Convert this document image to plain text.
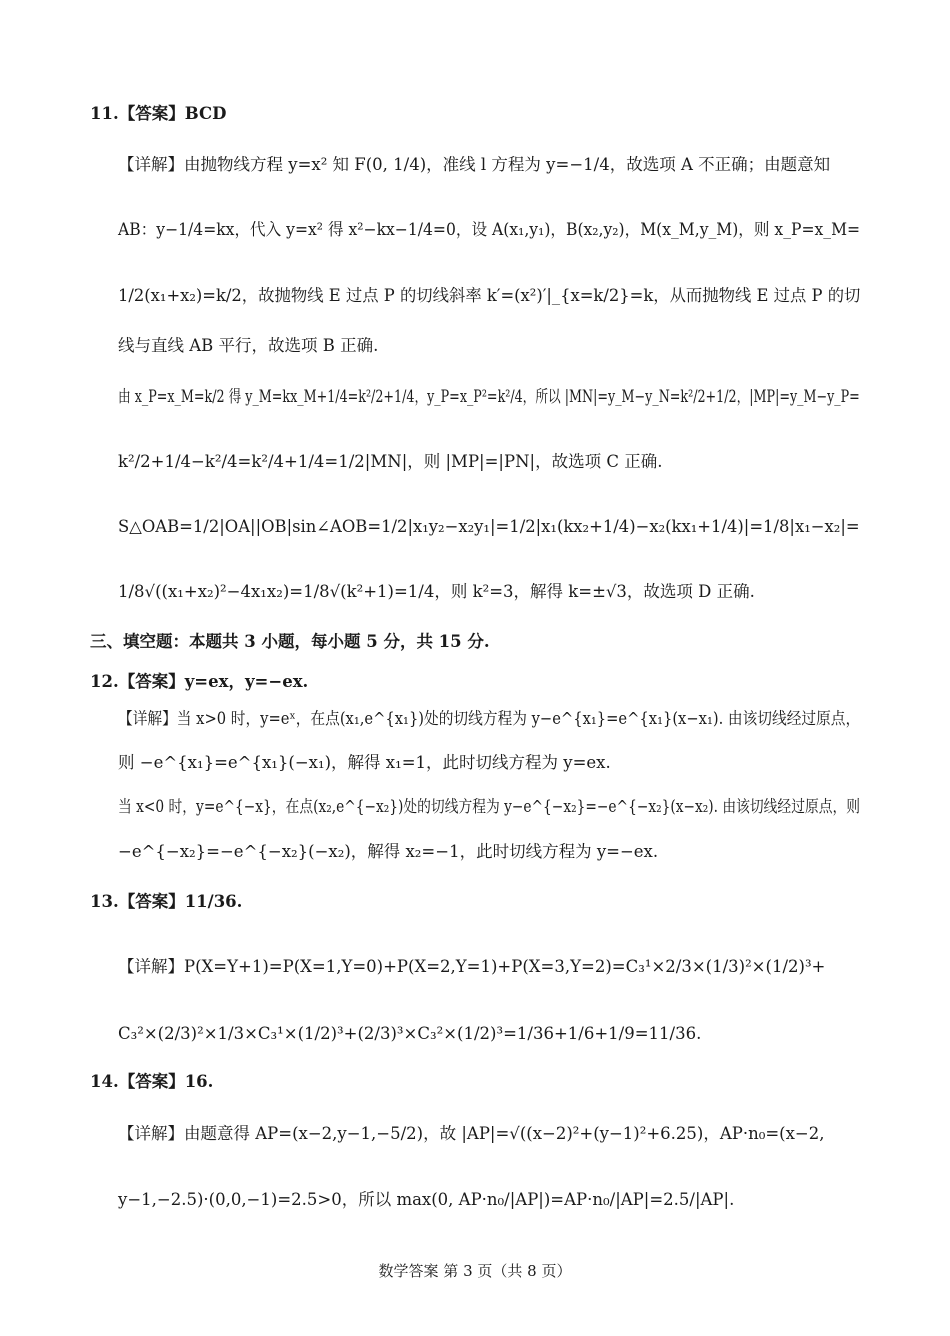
11.【答案】BCD
【详解】由抛物线方程 y=x² 知 F(0, 1/4)，准线 l 方程为 y=−1/4，故选项 A 不正确；由题意知
AB：y−1/4=kx，代入 y=x² 得 x²−kx−1/4=0，设 A(x₁,y₁)，B(x₂,y₂)，M(x_M,y_M)，则 x_P=x_M=
1/2(x₁+x₂)=k/2，故抛物线 E 过点 P 的切线斜率 k′=(x²)′|_{x=k/2}=k，从而抛物线 E 过点 P 的切
线与直线 AB 平行，故选项 B 正确.
由 x_P=x_M=k/2 得 y_M=kx_M+1/4=k²/2+1/4，y_P=x_P²=k²/4，所以 |MN|=y_M−y_N=k²/2+1/2，|MP|=y_M−y_P=
k²/2+1/4−k²/4=k²/4+1/4=1/2|MN|，则 |MP|=|PN|，故选项 C 正确.
S△OAB=1/2|OA||OB|sin∠AOB=1/2|x₁y₂−x₂y₁|=1/2|x₁(kx₂+1/4)−x₂(kx₁+1/4)|=1/8|x₁−x₂|=
1/8√((x₁+x₂)²−4x₁x₂)=1/8√(k²+1)=1/4，则 k²=3，解得 k=±√3，故选项 D 正确.
三、填空题：本题共 3 小题，每小题 5 分，共 15 分.
12.【答案】y=ex，y=−ex.
【详解】当 x>0 时，y=eˣ，在点(x₁,e^{x₁})处的切线方程为 y−e^{x₁}=e^{x₁}(x−x₁). 由该切线经过原点，
则 −e^{x₁}=e^{x₁}(−x₁)，解得 x₁=1，此时切线方程为 y=ex.
当 x<0 时，y=e^{−x}，在点(x₂,e^{−x₂})处的切线方程为 y−e^{−x₂}=−e^{−x₂}(x−x₂). 由该切线经过原点，则
−e^{−x₂}=−e^{−x₂}(−x₂)，解得 x₂=−1，此时切线方程为 y=−ex.
13.【答案】11/36.
【详解】P(X=Y+1)=P(X=1,Y=0)+P(X=2,Y=1)+P(X=3,Y=2)=C₃¹×2/3×(1/3)²×(1/2)³+
C₃²×(2/3)²×1/3×C₃¹×(1/2)³+(2/3)³×C₃²×(1/2)³=1/36+1/6+1/9=11/36.
14.【答案】16.
【详解】由题意得 AP=(x−2,y−1,−5/2)，故 |AP|=√((x−2)²+(y−1)²+6.25)，AP·n₀=(x−2,
y−1,−2.5)·(0,0,−1)=2.5>0，所以 max(0, AP·n₀/|AP|)=AP·n₀/|AP|=2.5/|AP|.
数学答案 第 3 页（共 8 页）
